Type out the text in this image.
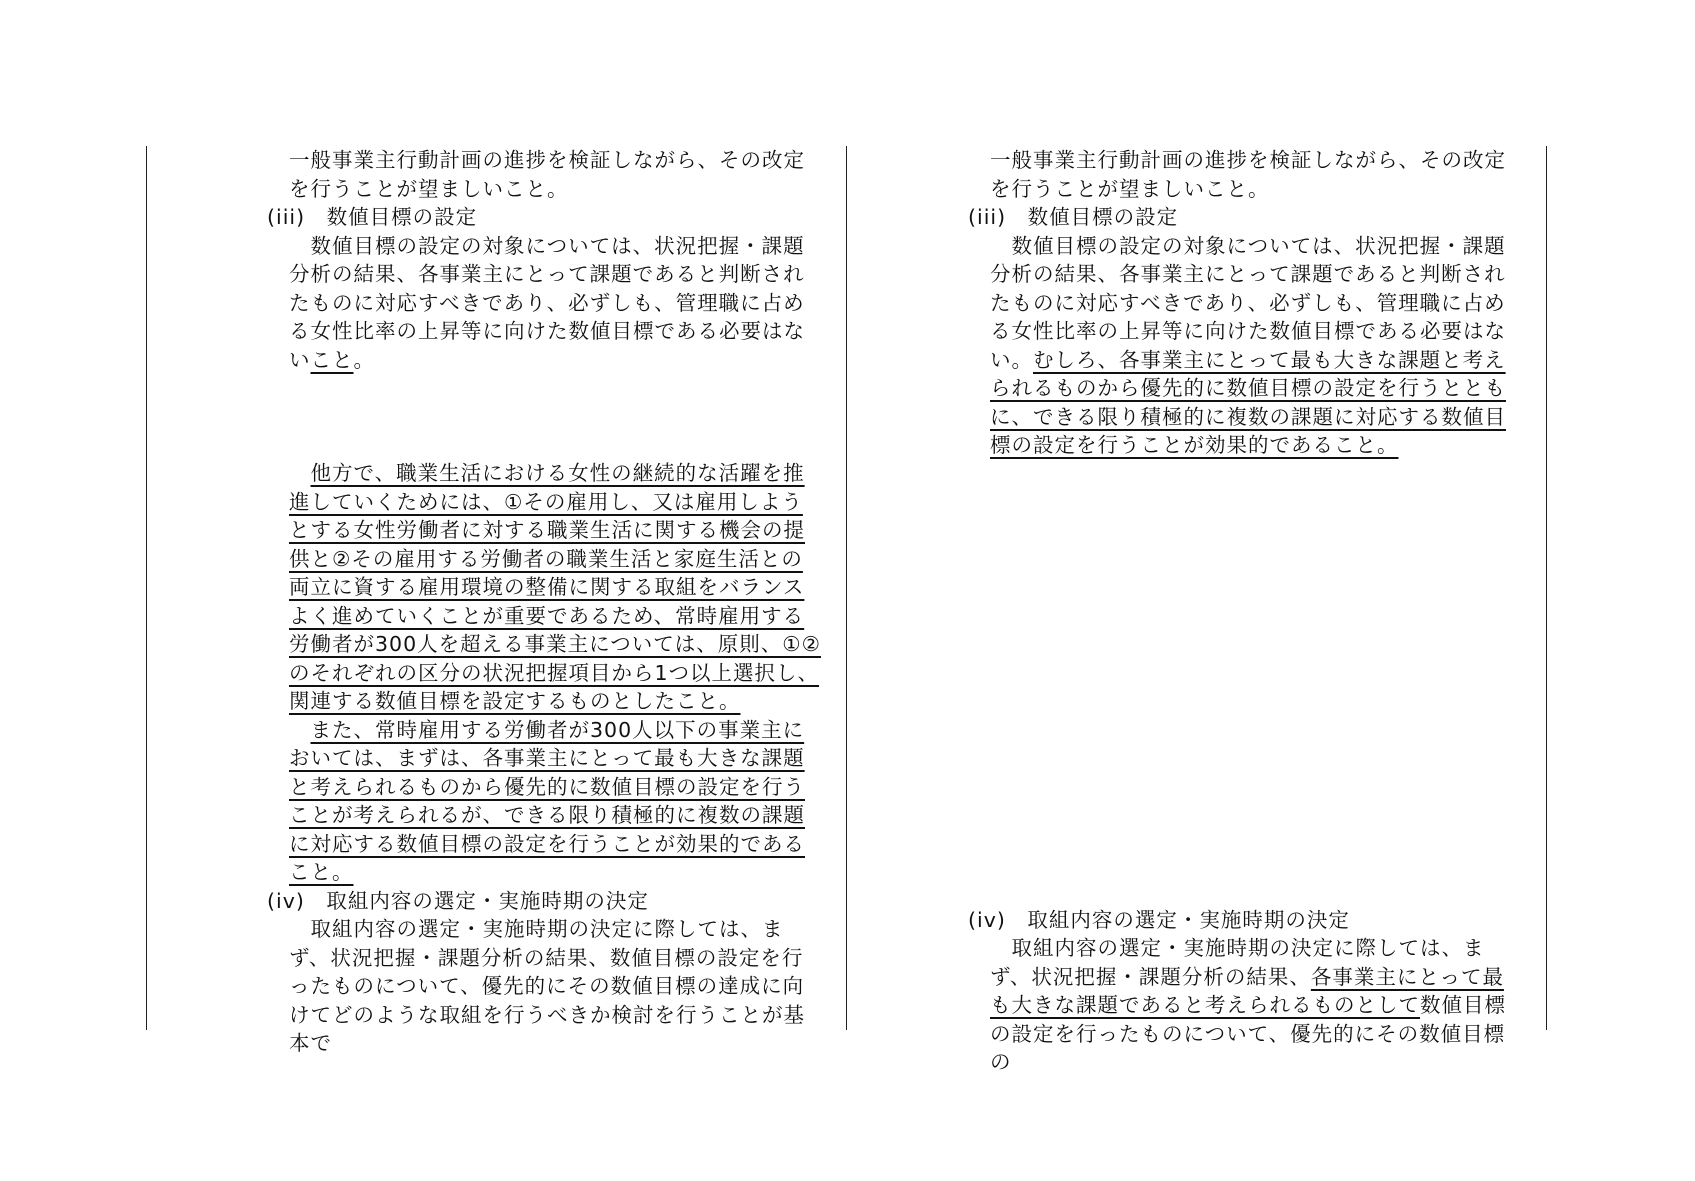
一般事業主行動計画の進捗を検証しながら、その改定を行うことが望ましいこと。

(iii)　数値目標の設定

数値目標の設定の対象については、状況把握・課題分析の結果、各事業主にとって課題であると判断されたものに対応すべきであり、必ずしも、管理職に占める女性比率の上昇等に向けた数値目標である必要はないこと。

他方で、職業生活における女性の継続的な活躍を推進していくためには、①その雇用し、又は雇用しようとする女性労働者に対する職業生活に関する機会の提供と②その雇用する労働者の職業生活と家庭生活との両立に資する雇用環境の整備に関する取組をバランスよく進めていくことが重要であるため、常時雇用する労働者が300人を超える事業主については、原則、①②のそれぞれの区分の状況把握項目から1つ以上選択し、関連する数値目標を設定するものとしたこと。

また、常時雇用する労働者が300人以下の事業主においては、まずは、各事業主にとって最も大きな課題と考えられるものから優先的に数値目標の設定を行うことが考えられるが、できる限り積極的に複数の課題に対応する数値目標の設定を行うことが効果的であること。

(iv)　取組内容の選定・実施時期の決定

取組内容の選定・実施時期の決定に際しては、まず、状況把握・課題分析の結果、数値目標の設定を行ったものについて、優先的にその数値目標の達成に向けてどのような取組を行うべきか検討を行うことが基本で

一般事業主行動計画の進捗を検証しながら、その改定を行うことが望ましいこと。

(iii)　数値目標の設定

数値目標の設定の対象については、状況把握・課題分析の結果、各事業主にとって課題であると判断されたものに対応すべきであり、必ずしも、管理職に占める女性比率の上昇等に向けた数値目標である必要はない。むしろ、各事業主にとって最も大きな課題と考えられるものから優先的に数値目標の設定を行うとともに、できる限り積極的に複数の課題に対応する数値目標の設定を行うことが効果的であること。

(iv)　取組内容の選定・実施時期の決定

取組内容の選定・実施時期の決定に際しては、まず、状況把握・課題分析の結果、各事業主にとって最も大きな課題であると考えられるものとして数値目標の設定を行ったものについて、優先的にその数値目標の
